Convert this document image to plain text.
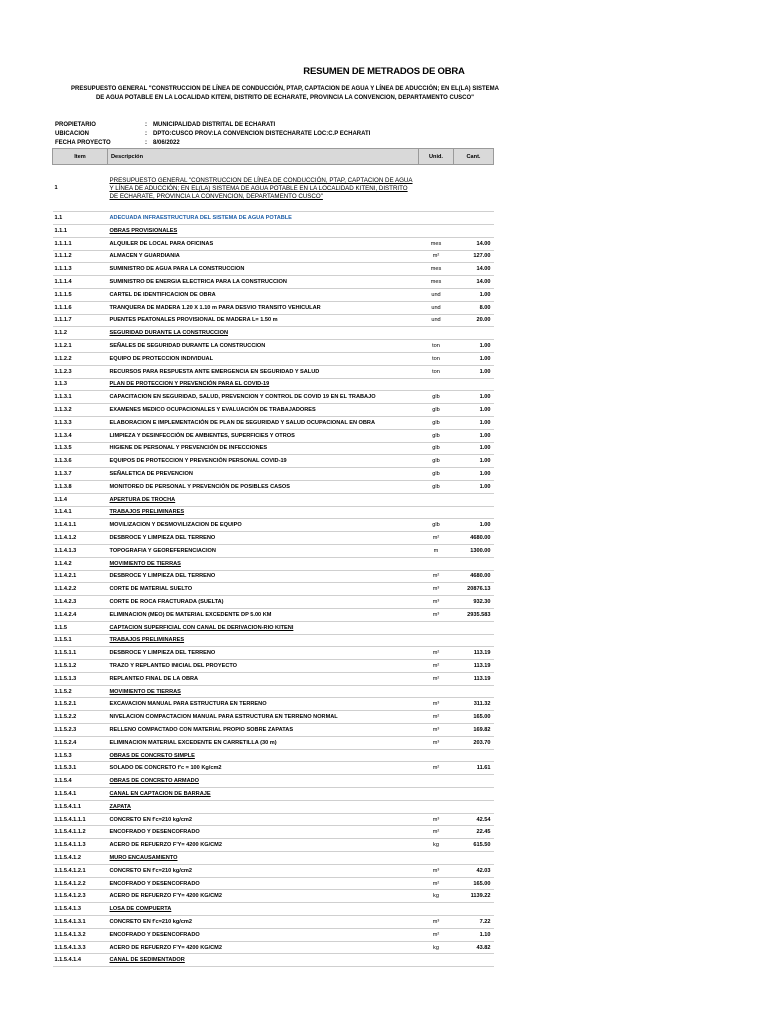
RESUMEN DE METRADOS DE OBRA
PRESUPUESTO GENERAL "CONSTRUCCION DE LÍNEA DE CONDUCCIÓN, PTAP, CAPTACION DE AGUA Y LÍNEA DE ADUCCIÓN; EN EL(LA) SISTEMA DE AGUA POTABLE EN LA LOCALIDAD KITENI, DISTRITO DE ECHARATE, PROVINCIA LA CONVENCION, DEPARTAMENTO CUSCO"
PROPIETARIO	:	MUNICIPALIDAD DISTRITAL DE ECHARATI
UBICACION	:	DPTO:CUSCO PROV:LA CONVENCION DISTECHARATE LOC:C.P ECHARATI
FECHA PROYECTO	:	8/06/2022
Item	Descripción	Unid.	Cant.
1	PRESUPUESTO GENERAL "CONSTRUCCION DE LÍNEA DE CONDUCCIÓN, PTAP, CAPTACION DE AGUA Y LÍNEA DE ADUCCIÓN; EN EL(LA) SISTEMA DE AGUA POTABLE EN LA LOCALIDAD KITENI, DISTRITO DE ECHARATE, PROVINCIA LA CONVENCION, DEPARTAMENTO CUSCO"		
1.1	ADECUADA INFRAESTRUCTURA DEL SISTEMA DE AGUA POTABLE		
1.1.1	OBRAS PROVISIONALES		
1.1.1.1	ALQUILER DE LOCAL PARA OFICINAS	mes	14.00
1.1.1.2	ALMACEN Y GUARDIANIA	m²	127.00
1.1.1.3	SUMINISTRO DE AGUA PARA LA CONSTRUCCION	mes	14.00
1.1.1.4	SUMINISTRO DE ENERGIA ELECTRICA PARA LA CONSTRUCCION	mes	14.00
1.1.1.5	CARTEL DE IDENTIFICACION DE OBRA	und	1.00
1.1.1.6	TRANQUERA DE MADERA 1.20 X 1.10 m PARA DESVIO TRANSITO VEHICULAR	und	8.00
1.1.1.7	PUENTES PEATONALES PROVISIONAL DE MADERA L= 1.50 m	und	20.00
1.1.2	SEGURIDAD DURANTE LA CONSTRUCCION		
1.1.2.1	SEÑALES DE SEGURIDAD DURANTE LA CONSTRUCCION	ton	1.00
1.1.2.2	EQUIPO DE PROTECCION INDIVIDUAL	ton	1.00
1.1.2.3	RECURSOS PARA RESPUESTA ANTE EMERGENCIA EN SEGURIDAD Y SALUD	ton	1.00
1.1.3	PLAN DE PROTECCION Y PREVENCIÓN PARA EL COVID-19		
1.1.3.1	CAPACITACION EN SEGURIDAD, SALUD, PREVENCION Y CONTROL DE COVID 19 EN EL TRABAJO	glb	1.00
1.1.3.2	EXAMENES MEDICO OCUPACIONALES Y EVALUACIÓN DE TRABAJADORES	glb	1.00
1.1.3.3	ELABORACION E IMPLEMENTACIÓN DE PLAN DE SEGURIDAD Y SALUD OCUPACIONAL EN OBRA	glb	1.00
1.1.3.4	LIMPIEZA Y DESINFECCIÓN DE AMBIENTES, SUPERFICIES Y OTROS	glb	1.00
1.1.3.5	HIGIENE DE PERSONAL Y PREVENCIÓN DE INFECCIONES	glb	1.00
1.1.3.6	EQUIPOS DE PROTECCION Y PREVENCIÓN PERSONAL COVID-19	glb	1.00
1.1.3.7	SEÑALETICA DE PREVENCION	glb	1.00
1.1.3.8	MONITOREO DE PERSONAL Y PREVENCIÓN DE POSIBLES CASOS	glb	1.00
1.1.4	APERTURA DE TROCHA		
1.1.4.1	TRABAJOS PRELIMINARES		
1.1.4.1.1	MOVILIZACION Y DESMOVILIZACION DE EQUIPO	glb	1.00
1.1.4.1.2	DESBROCE Y LIMPIEZA DEL TERRENO	m²	4680.00
1.1.4.1.3	TOPOGRAFIA Y GEOREFERENCIACION	m	1300.00
1.1.4.2	MOVIMIENTO DE TIERRAS		
1.1.4.2.1	DESBROCE Y LIMPIEZA DEL TERRENO	m²	4680.00
1.1.4.2.2	CORTE DE MATERIAL SUELTO	m³	20876.13
1.1.4.2.3	CORTE DE ROCA FRACTURADA (SUELTA)	m³	932.30
1.1.4.2.4	ELIMINACION (MEO) DE MATERIAL EXCEDENTE DP 5.00 KM	m³	2935.583
1.1.5	CAPTACION SUPERFICIAL CON CANAL DE DERIVACION-RIO KITENI		
1.1.5.1	TRABAJOS PRELIMINARES		
1.1.5.1.1	DESBROCE Y LIMPIEZA DEL TERRENO	m²	113.19
1.1.5.1.2	TRAZO Y REPLANTEO INICIAL DEL PROYECTO	m²	113.19
1.1.5.1.3	REPLANTEO FINAL DE LA OBRA	m²	113.19
1.1.5.2	MOVIMIENTO DE TIERRAS		
1.1.5.2.1	EXCAVACION MANUAL PARA ESTRUCTURA EN TERRENO	m³	311.32
1.1.5.2.2	NIVELACION COMPACTACION MANUAL PARA ESTRUCTURA EN TERRENO NORMAL	m²	165.00
1.1.5.2.3	RELLENO COMPACTADO CON MATERIAL PROPIO SOBRE ZAPATAS	m³	169.82
1.1.5.2.4	ELIMINACION MATERIAL EXCEDENTE EN CARRETILLA (30 m)	m³	203.70
1.1.5.3	OBRAS DE CONCRETO SIMPLE		
1.1.5.3.1	SOLADO DE CONCRETO f'c = 100 Kg/cm2	m²	11.61
1.1.5.4	OBRAS DE CONCRETO ARMADO		
1.1.5.4.1	CANAL EN CAPTACION DE BARRAJE		
1.1.5.4.1.1	ZAPATA		
1.1.5.4.1.1.1	CONCRETO EN f'c=210 kg/cm2	m³	42.54
1.1.5.4.1.1.2	ENCOFRADO Y DESENCOFRADO	m²	22.45
1.1.5.4.1.1.3	ACERO DE REFUERZO F'Y= 4200 KG/CM2	kg	615.50
1.1.5.4.1.2	MURO ENCAUSAMIENTO		
1.1.5.4.1.2.1	CONCRETO EN f'c=210 kg/cm2	m³	42.03
1.1.5.4.1.2.2	ENCOFRADO Y DESENCOFRADO	m²	165.00
1.1.5.4.1.2.3	ACERO DE REFUERZO F'Y= 4200 KG/CM2	kg	1139.22
1.1.5.4.1.3	LOSA DE COMPUERTA		
1.1.5.4.1.3.1	CONCRETO EN f'c=210 kg/cm2	m³	7.22
1.1.5.4.1.3.2	ENCOFRADO Y DESENCOFRADO	m²	1.10
1.1.5.4.1.3.3	ACERO DE REFUERZO F'Y= 4200 KG/CM2	kg	43.82
1.1.5.4.1.4	CANAL DE SEDIMENTADOR		
